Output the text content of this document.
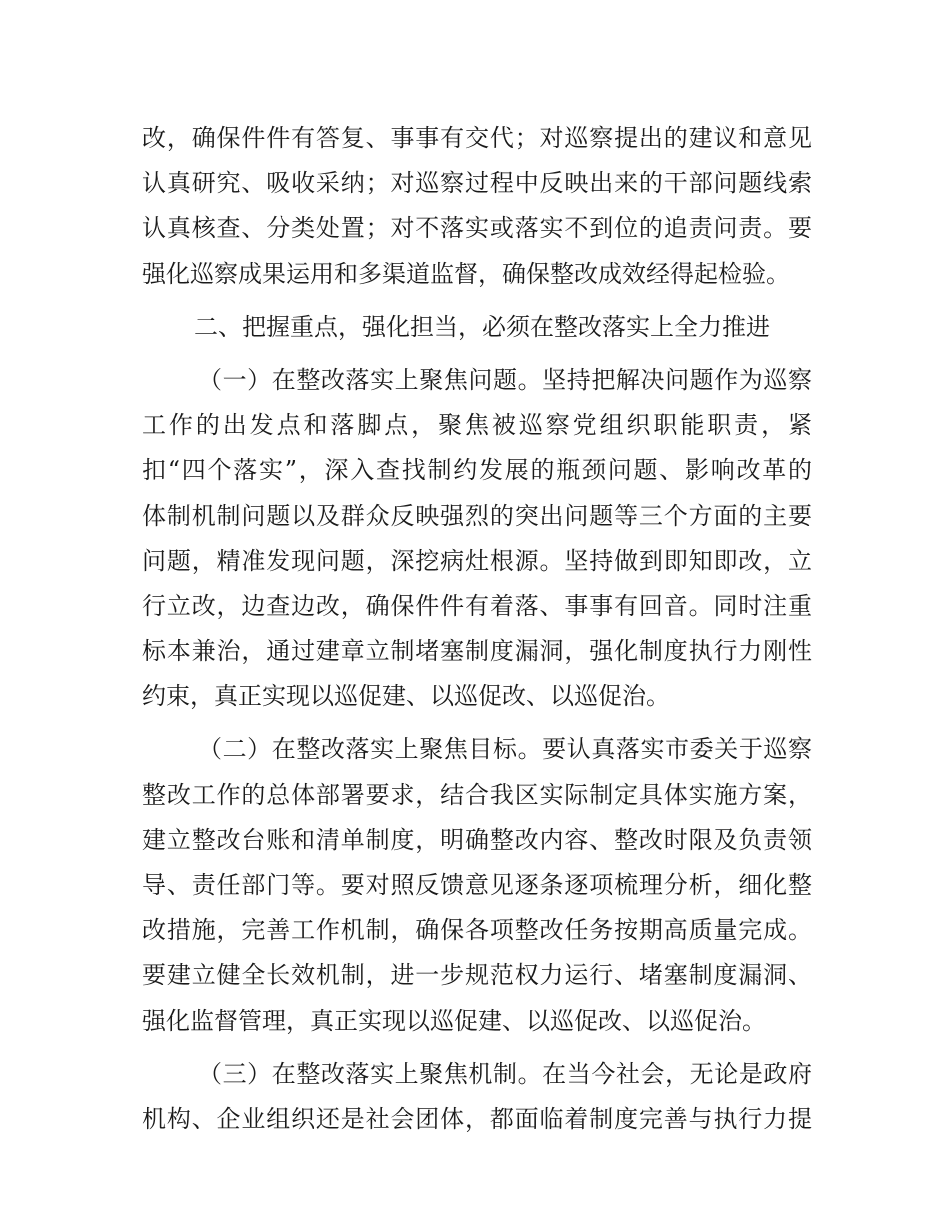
改，确保件件有答复、事事有交代；对巡察提出的建议和意见
认真研究、吸收采纳；对巡察过程中反映出来的干部问题线索
认真核查、分类处置；对不落实或落实不到位的追责问责。要
强化巡察成果运用和多渠道监督，确保整改成效经得起检验。
二、把握重点，强化担当，必须在整改落实上全力推进
（一）在整改落实上聚焦问题。坚持把解决问题作为巡察
工作的出发点和落脚点，聚焦被巡察党组织职能职责，紧
扣“四个落实”，深入查找制约发展的瓶颈问题、影响改革的
体制机制问题以及群众反映强烈的突出问题等三个方面的主要
问题，精准发现问题，深挖病灶根源。坚持做到即知即改，立
行立改，边查边改，确保件件有着落、事事有回音。同时注重
标本兼治，通过建章立制堵塞制度漏洞，强化制度执行力刚性
约束，真正实现以巡促建、以巡促改、以巡促治。
（二）在整改落实上聚焦目标。要认真落实市委关于巡察
整改工作的总体部署要求，结合我区实际制定具体实施方案，
建立整改台账和清单制度，明确整改内容、整改时限及负责领
导、责任部门等。要对照反馈意见逐条逐项梳理分析，细化整
改措施，完善工作机制，确保各项整改任务按期高质量完成。
要建立健全长效机制，进一步规范权力运行、堵塞制度漏洞、
强化监督管理，真正实现以巡促建、以巡促改、以巡促治。
（三）在整改落实上聚焦机制。在当今社会，无论是政府
机构、企业组织还是社会团体，都面临着制度完善与执行力提
